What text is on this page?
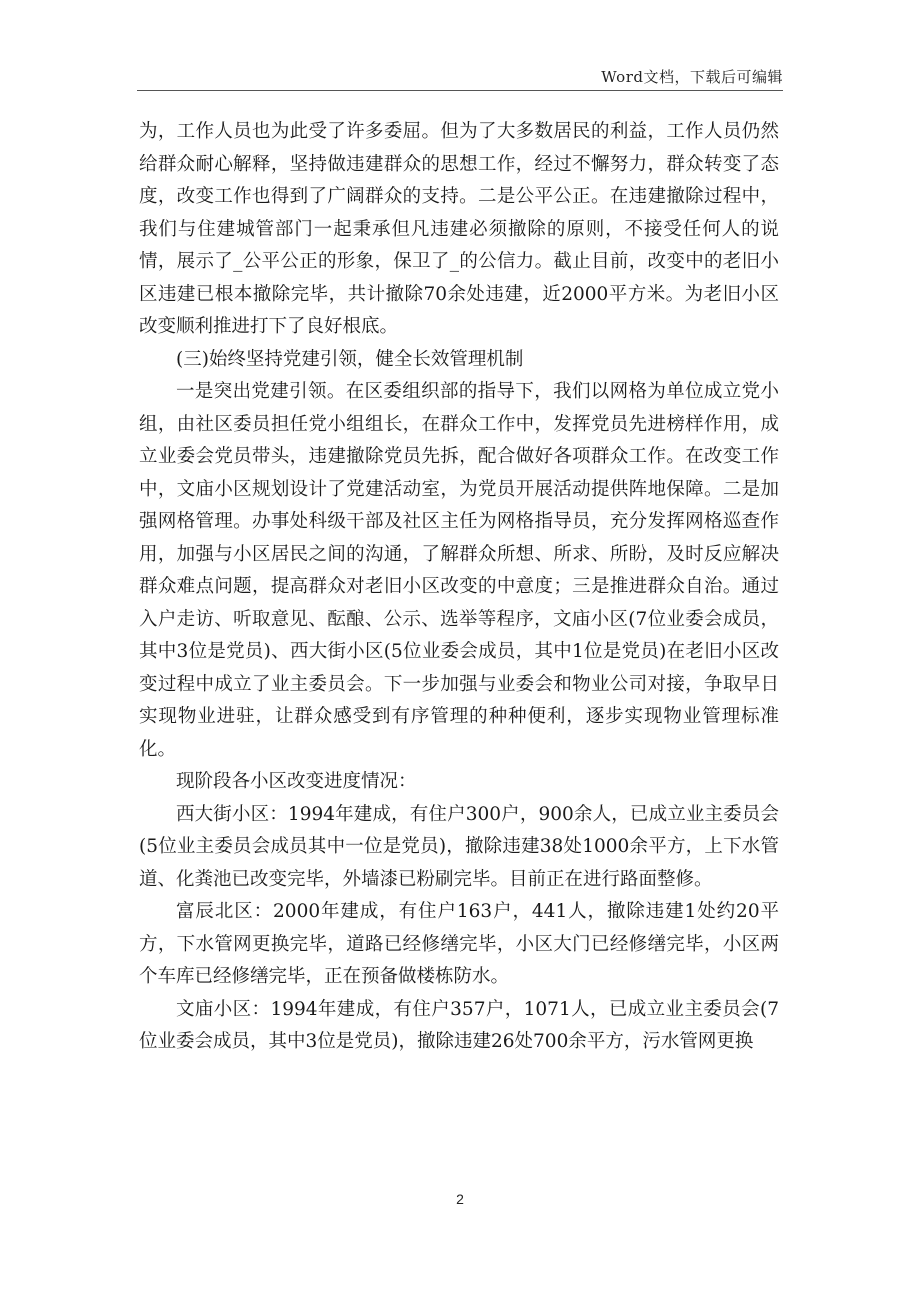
Word文档，下载后可编辑

为，工作人员也为此受了许多委屈。但为了大多数居民的利益，工作人员仍然给群众耐心解释，坚持做违建群众的思想工作，经过不懈努力，群众转变了态度，改变工作也得到了广阔群众的支持。二是公平公正。在违建撤除过程中，我们与住建城管部门一起秉承但凡违建必须撤除的原则，不接受任何人的说情，展示了_公平公正的形象，保卫了_的公信力。截止目前，改变中的老旧小区违建已根本撤除完毕，共计撤除70余处违建，近2000平方米。为老旧小区改变顺利推进打下了良好根底。

(三)始终坚持党建引领，健全长效管理机制

一是突出党建引领。在区委组织部的指导下，我们以网格为单位成立党小组，由社区委员担任党小组组长，在群众工作中，发挥党员先进榜样作用，成立业委会党员带头，违建撤除党员先拆，配合做好各项群众工作。在改变工作中，文庙小区规划设计了党建活动室，为党员开展活动提供阵地保障。二是加强网格管理。办事处科级干部及社区主任为网格指导员，充分发挥网格巡查作用，加强与小区居民之间的沟通，了解群众所想、所求、所盼，及时反应解决群众难点问题，提高群众对老旧小区改变的中意度；三是推进群众自治。通过入户走访、听取意见、酝酿、公示、选举等程序，文庙小区(7位业委会成员，其中3位是党员)、西大街小区(5位业委会成员，其中1位是党员)在老旧小区改变过程中成立了业主委员会。下一步加强与业委会和物业公司对接，争取早日实现物业进驻，让群众感受到有序管理的种种便利，逐步实现物业管理标准化。

现阶段各小区改变进度情况：

西大街小区：1994年建成，有住户300户，900余人，已成立业主委员会(5位业主委员会成员其中一位是党员)，撤除违建38处1000余平方，上下水管道、化粪池已改变完毕，外墙漆已粉刷完毕。目前正在进行路面整修。

富辰北区：2000年建成，有住户163户，441人，撤除违建1处约20平方，下水管网更换完毕，道路已经修缮完毕，小区大门已经修缮完毕，小区两个车库已经修缮完毕，正在预备做楼栋防水。

文庙小区：1994年建成，有住户357户，1071人，已成立业主委员会(7位业委会成员，其中3位是党员)，撤除违建26处700余平方，污水管网更换

2
